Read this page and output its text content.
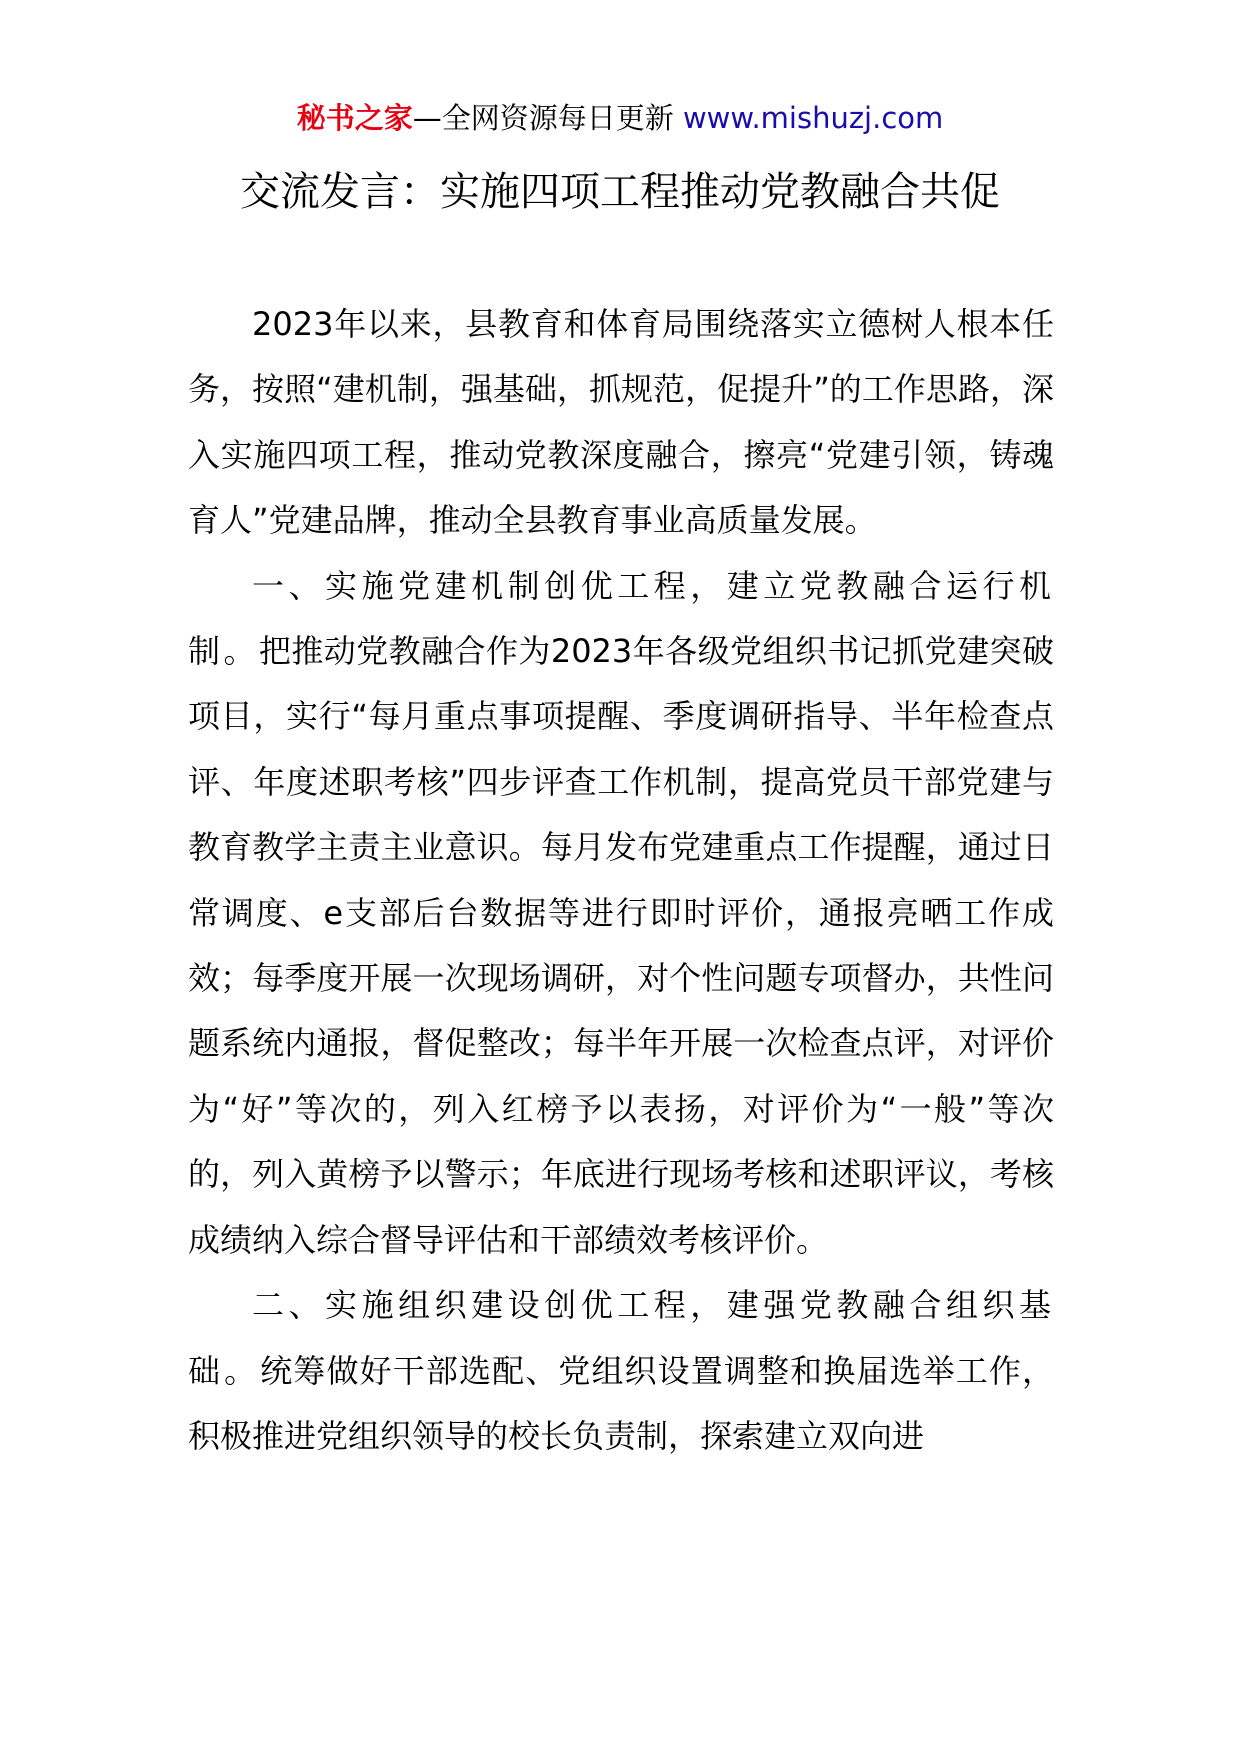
秘书之家—全网资源每日更新 www.mishuzj.com
交流发言：实施四项工程推动党教融合共促

2023年以来，县教育和体育局围绕落实立德树人根本任务，按照“建机制，强基础，抓规范，促提升”的工作思路，深入实施四项工程，推动党教深度融合，擦亮“党建引领，铸魂育人”党建品牌，推动全县教育事业高质量发展。

一、实施党建机制创优工程，建立党教融合运行机制。把推动党教融合作为2023年各级党组织书记抓党建突破项目，实行“每月重点事项提醒、季度调研指导、半年检查点评、年度述职考核”四步评查工作机制，提高党员干部党建与教育教学主责主业意识。每月发布党建重点工作提醒，通过日常调度、e支部后台数据等进行即时评价，通报亮晒工作成效；每季度开展一次现场调研，对个性问题专项督办，共性问题系统内通报，督促整改；每半年开展一次检查点评，对评价为“好”等次的，列入红榜予以表扬，对评价为“一般”等次的，列入黄榜予以警示；年底进行现场考核和述职评议，考核成绩纳入综合督导评估和干部绩效考核评价。

二、实施组织建设创优工程，建强党教融合组织基础。统筹做好干部选配、党组织设置调整和换届选举工作，积极推进党组织领导的校长负责制，探索建立双向进
